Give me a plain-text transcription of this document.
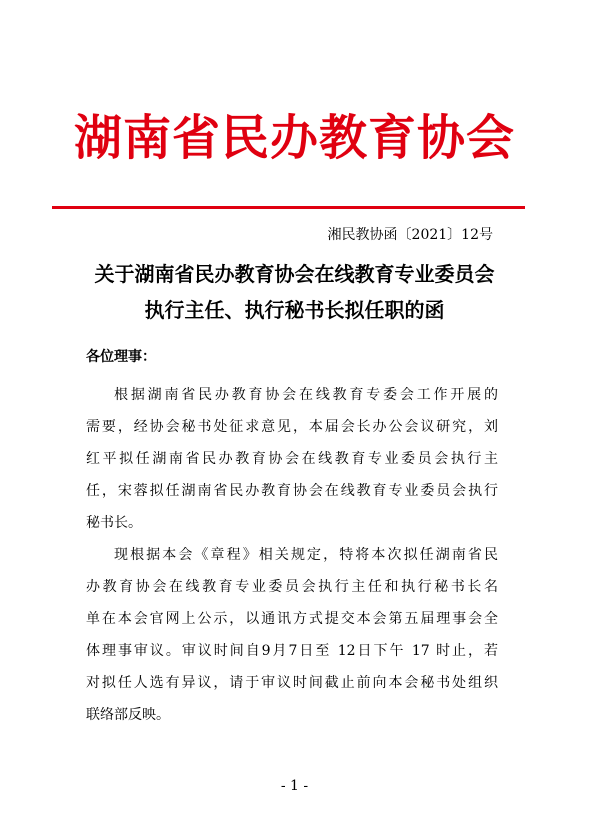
湖南省民办教育协会
湘民教协函〔2021〕12号
关于湖南省民办教育协会在线教育专业委员会
执行主任、执行秘书长拟任职的函
各位理事：
根据湖南省民办教育协会在线教育专委会工作开展的
需要，经协会秘书处征求意见，本届会长办公会议研究，刘
红平拟任湖南省民办教育协会在线教育专业委员会执行主
任，宋蓉拟任湖南省民办教育协会在线教育专业委员会执行
秘书长。
现根据本会《章程》相关规定，特将本次拟任湖南省民
办教育协会在线教育专业委员会执行主任和执行秘书长名
单在本会官网上公示，以通讯方式提交本会第五届理事会全
体理事审议。审议时间自9月7日至 12日下午 17 时止，若
对拟任人选有异议，请于审议时间截止前向本会秘书处组织
联络部反映。
- 1 -
